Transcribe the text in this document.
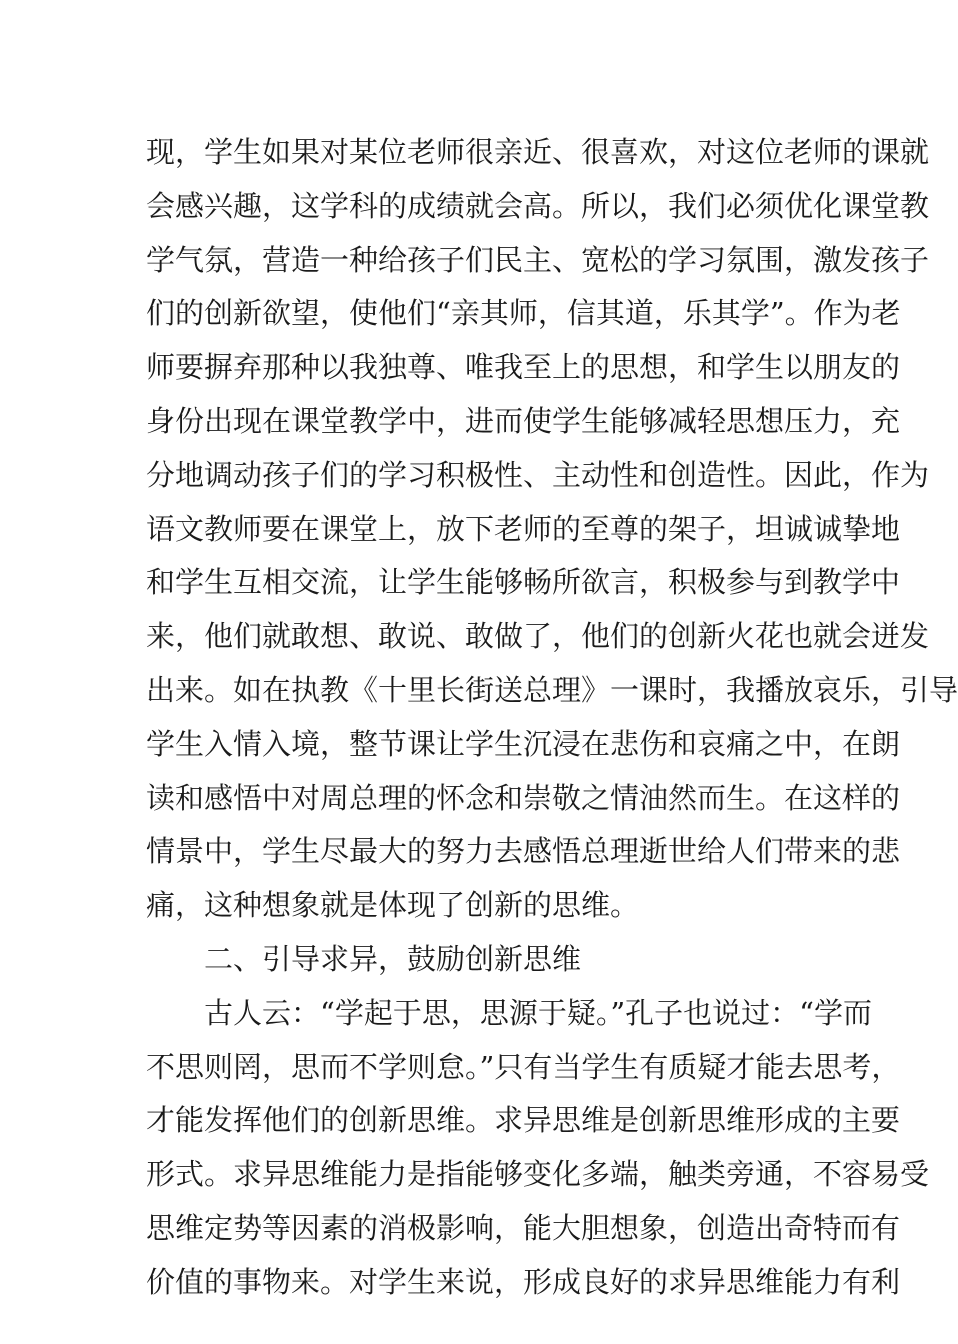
现，学生如果对某位老师很亲近、很喜欢，对这位老师的课就
会感兴趣，这学科的成绩就会高。所以，我们必须优化课堂教
学气氛，营造一种给孩子们民主、宽松的学习氛围，激发孩子
们的创新欲望，使他们“亲其师，信其道，乐其学”。作为老
师要摒弃那种以我独尊、唯我至上的思想，和学生以朋友的
身份出现在课堂教学中，进而使学生能够减轻思想压力，充
分地调动孩子们的学习积极性、主动性和创造性。因此，作为
语文教师要在课堂上，放下老师的至尊的架子，坦诚诚挚地
和学生互相交流，让学生能够畅所欲言，积极参与到教学中
来，他们就敢想、敢说、敢做了，他们的创新火花也就会迸发
出来。如在执教《十里长街送总理》一课时，我播放哀乐，引导
学生入情入境，整节课让学生沉浸在悲伤和哀痛之中，在朗
读和感悟中对周总理的怀念和崇敬之情油然而生。在这样的
情景中，学生尽最大的努力去感悟总理逝世给人们带来的悲
痛，这种想象就是体现了创新的思维。
二、引导求异，鼓励创新思维
古人云：“学起于思，思源于疑。”孔子也说过：“学而
不思则罔，思而不学则怠。”只有当学生有质疑才能去思考，
才能发挥他们的创新思维。求异思维是创新思维形成的主要
形式。求异思维能力是指能够变化多端，触类旁通，不容易受
思维定势等因素的消极影响，能大胆想象，创造出奇特而有
价值的事物来。对学生来说，形成良好的求异思维能力有利
